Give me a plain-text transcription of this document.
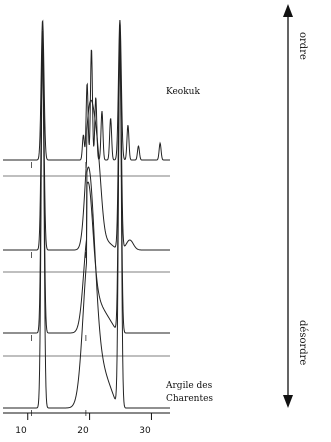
10	20	30
Keokuk
Argile des
Charentes
ordre
désordre
